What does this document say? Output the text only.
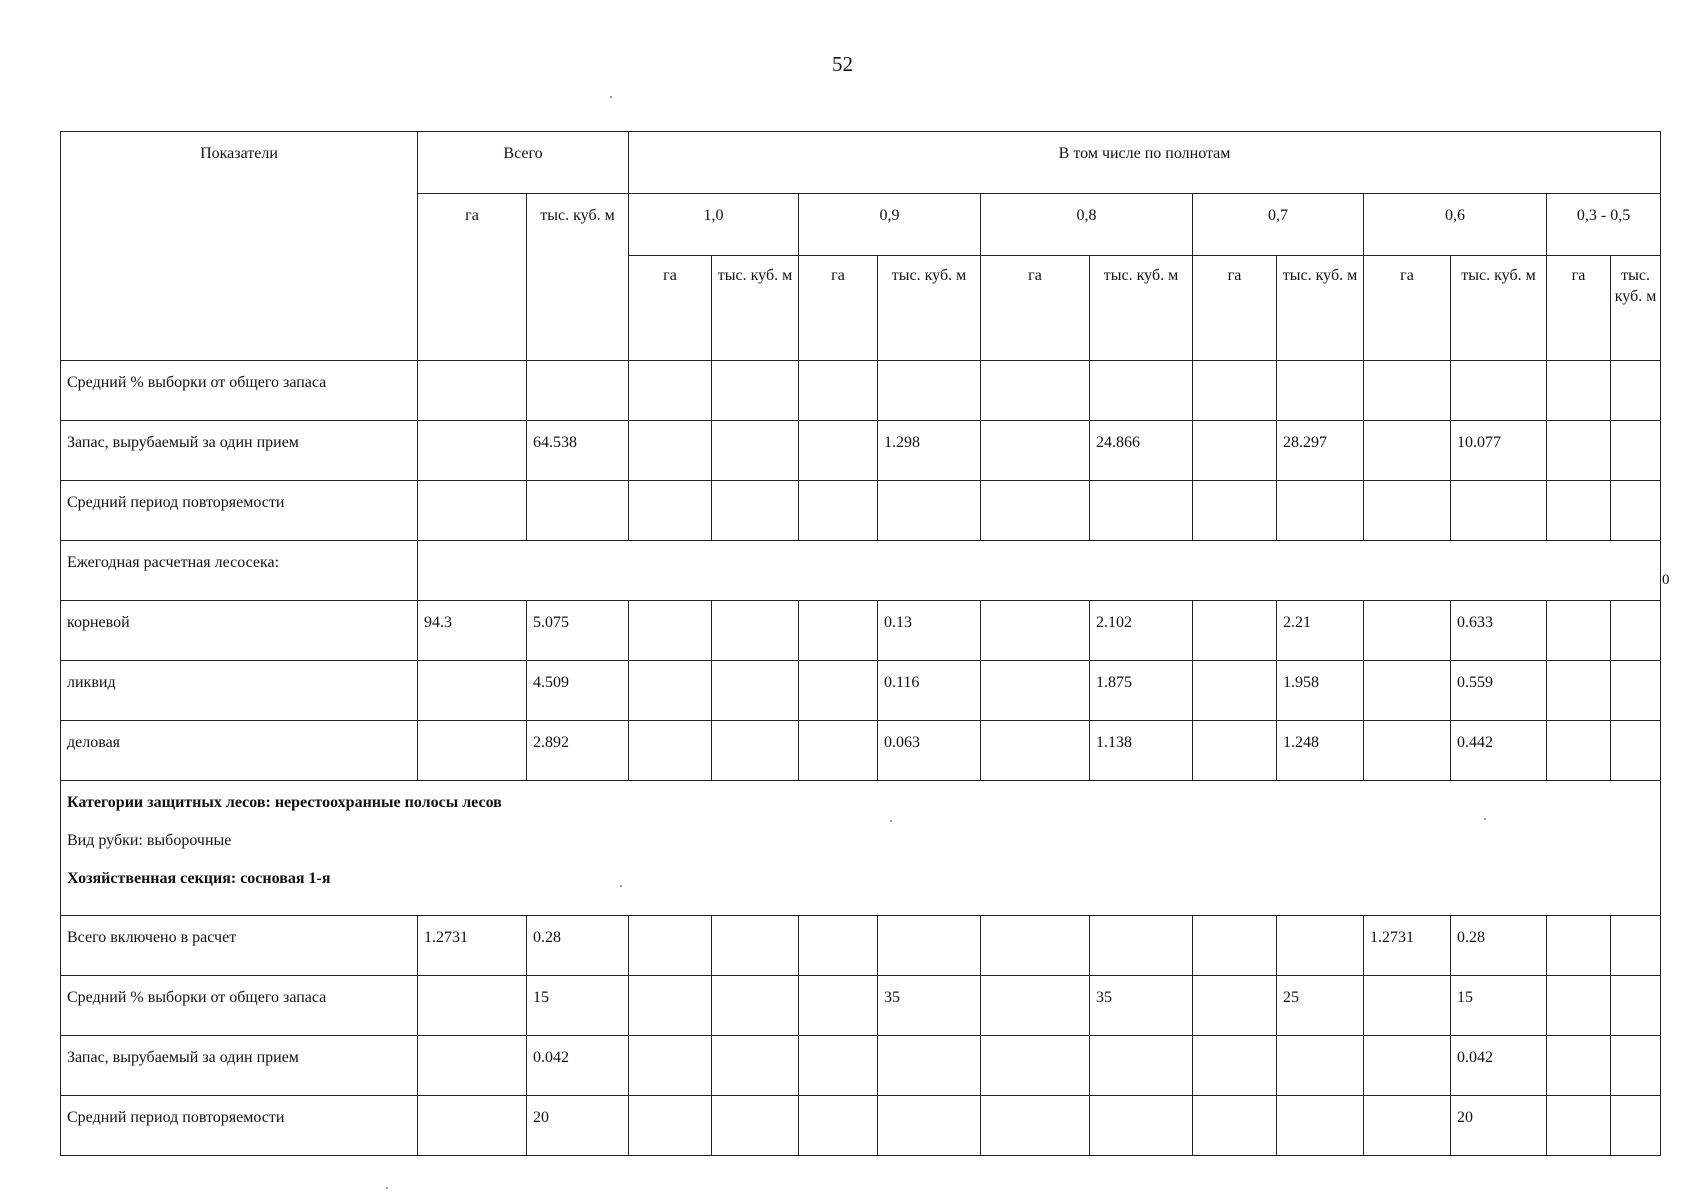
52
Показатели	Всего		В том числе по полнотам											
	га	тыс. куб. м	1,0		0,9		0,8		0,7		0,6		0,3 - 0,5	
			га	тыс. куб. м	га	тыс. куб. м	га	тыс. куб. м	га	тыс. куб. м	га	тыс. куб. м	га	тыс. куб. м
Средний % выборки от общего запаса														
Запас, вырубаемый за один прием		64.538				1.298		24.866		28.297		10.077		
Средний период повторяемости														
Ежегодная расчетная лесосека:														
корневой	94.3	5.075				0.13		2.102		2.21		0.633		
ликвид		4.509				0.116		1.875		1.958		0.559		
деловая		2.892				0.063		1.138		1.248		0.442		

Категории защитных лесов: нерестоохранные полосы лесов
Вид рубки: выборочные
Хозяйственная секция: сосновая 1-я														

Всего включено в расчет	1.2731	0.28									1.2731	0.28		
Средний % выборки от общего запаса		15				35		35		25		15		
Запас, вырубаемый за один прием		0.042										0.042		
Средний период повторяемости		20										20		
0
